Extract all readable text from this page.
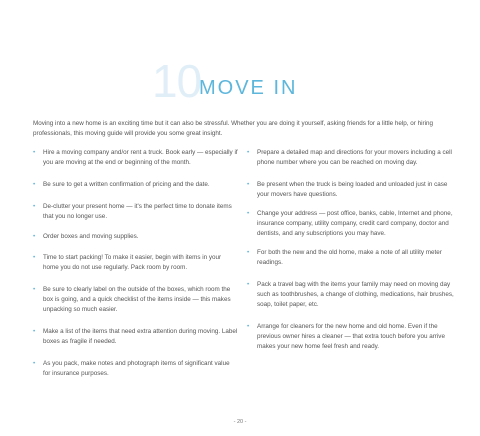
10
MOVE IN

Moving into a new home is an exciting time but it can also be stressful. Whether you are doing it yourself, asking friends for a little help, or hiring professionals, this moving guide will provide you some great insight.

• Hire a moving company and/or rent a truck. Book early — especially if you are moving at the end or beginning of the month.
• Be sure to get a written confirmation of pricing and the date.
• De-clutter your present home — it's the perfect time to donate items that you no longer use.
• Order boxes and moving supplies.
• Time to start packing! To make it easier, begin with items in your home you do not use regularly. Pack room by room.
• Be sure to clearly label on the outside of the boxes, which room the box is going, and a quick checklist of the items inside — this makes unpacking so much easier.
• Make a list of the items that need extra attention during moving. Label boxes as fragile if needed.
• As you pack, make notes and photograph items of significant value for insurance purposes.
• Prepare a detailed map and directions for your movers including a cell phone number where you can be reached on moving day.
• Be present when the truck is being loaded and unloaded just in case your movers have questions.
• Change your address — post office, banks, cable, Internet and phone, insurance company, utility company, credit card company, doctor and dentists, and any subscriptions you may have.
• For both the new and the old home, make a note of all utility meter readings.
• Pack a travel bag with the items your family may need on moving day such as toothbrushes, a change of clothing, medications, hair brushes, soap, toilet paper, etc.
• Arrange for cleaners for the new home and old home. Even if the previous owner hires a cleaner — that extra touch before you arrive makes your new home feel fresh and ready.
- 20 -
